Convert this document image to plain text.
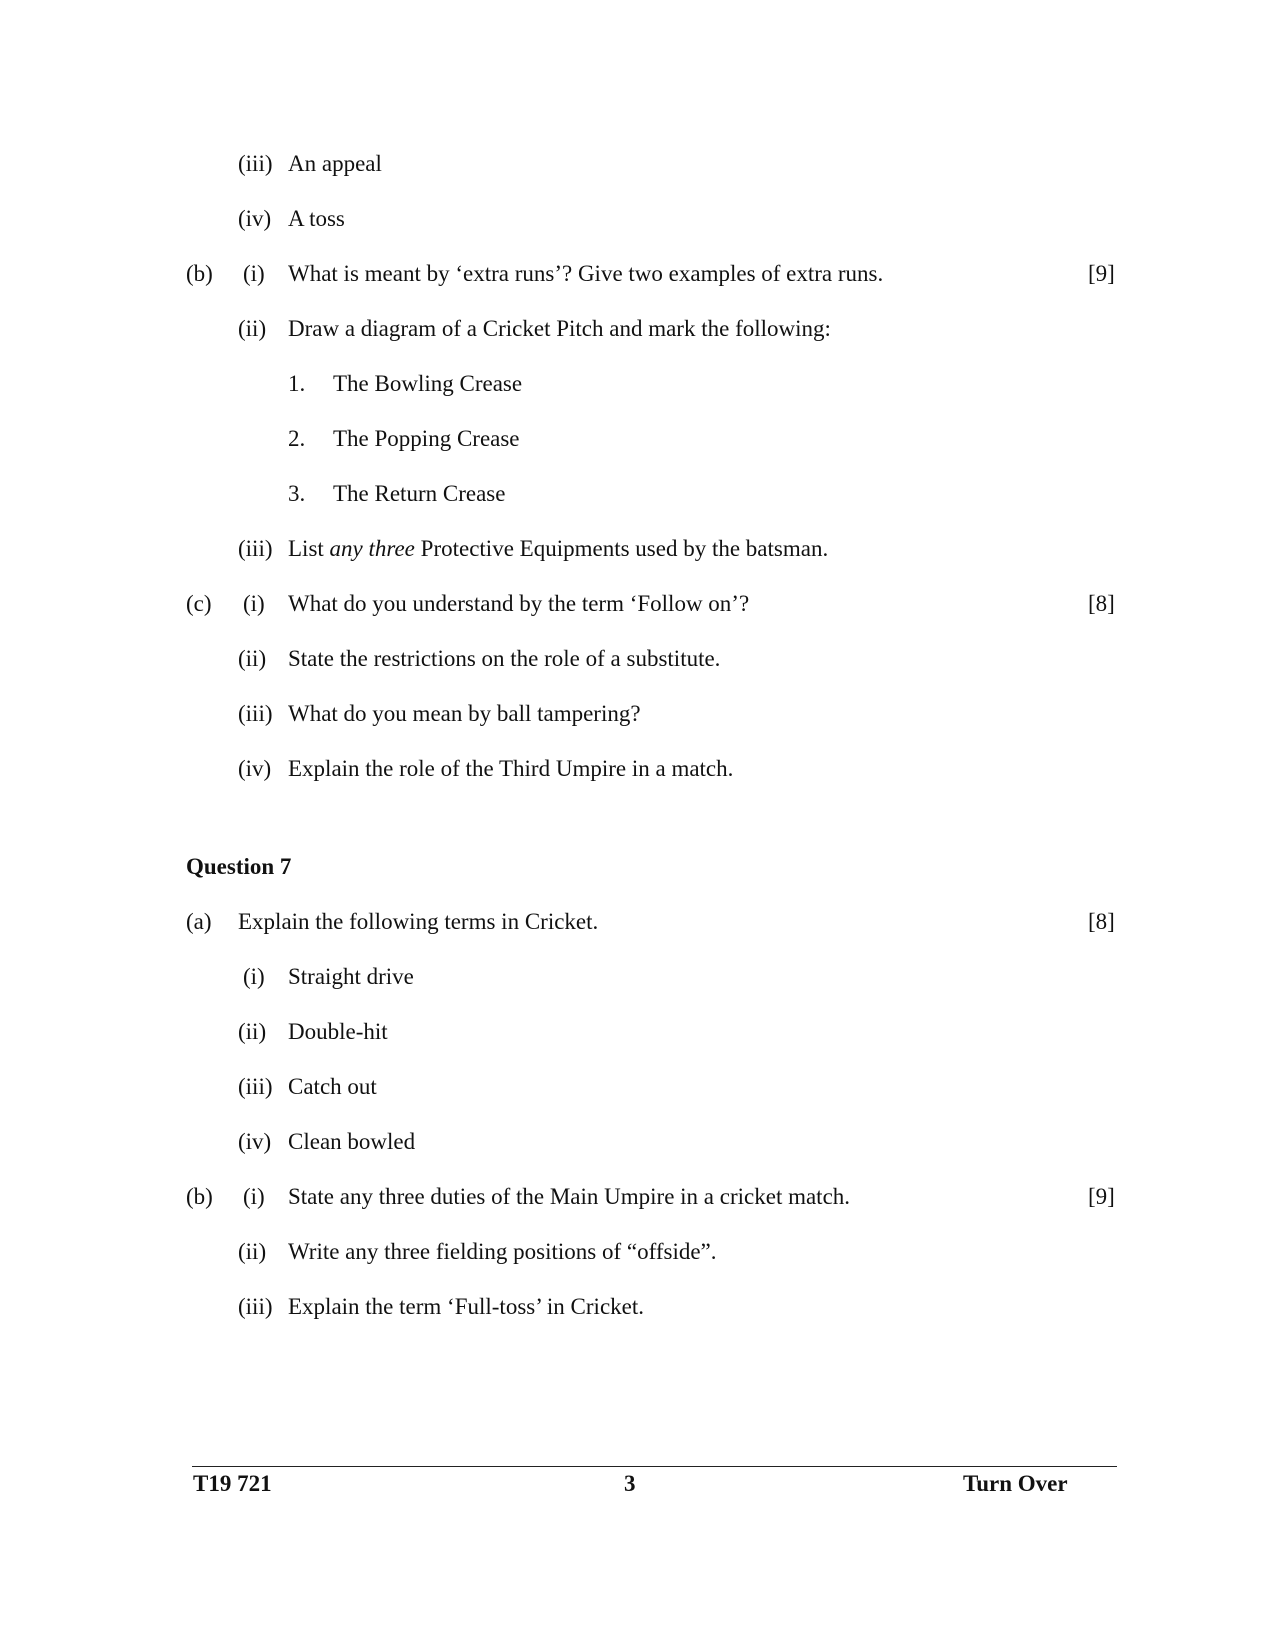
(iii) An appeal
(iv) A toss
(b) (i) What is meant by ‘extra runs’? Give two examples of extra runs.	[9]
(ii) Draw a diagram of a Cricket Pitch and mark the following:
1. The Bowling Crease
2. The Popping Crease
3. The Return Crease
(iii) List any three Protective Equipments used by the batsman.
(c) (i) What do you understand by the term ‘Follow on’?	[8]
(ii) State the restrictions on the role of a substitute.
(iii) What do you mean by ball tampering?
(iv) Explain the role of the Third Umpire in a match.
Question 7
(a) Explain the following terms in Cricket.	[8]
(i) Straight drive
(ii) Double-hit
(iii) Catch out
(iv) Clean bowled
(b) (i) State any three duties of the Main Umpire in a cricket match.	[9]
(ii) Write any three fielding positions of “offside”.
(iii) Explain the term ‘Full-toss’ in Cricket.
T19 721	3	Turn Over
